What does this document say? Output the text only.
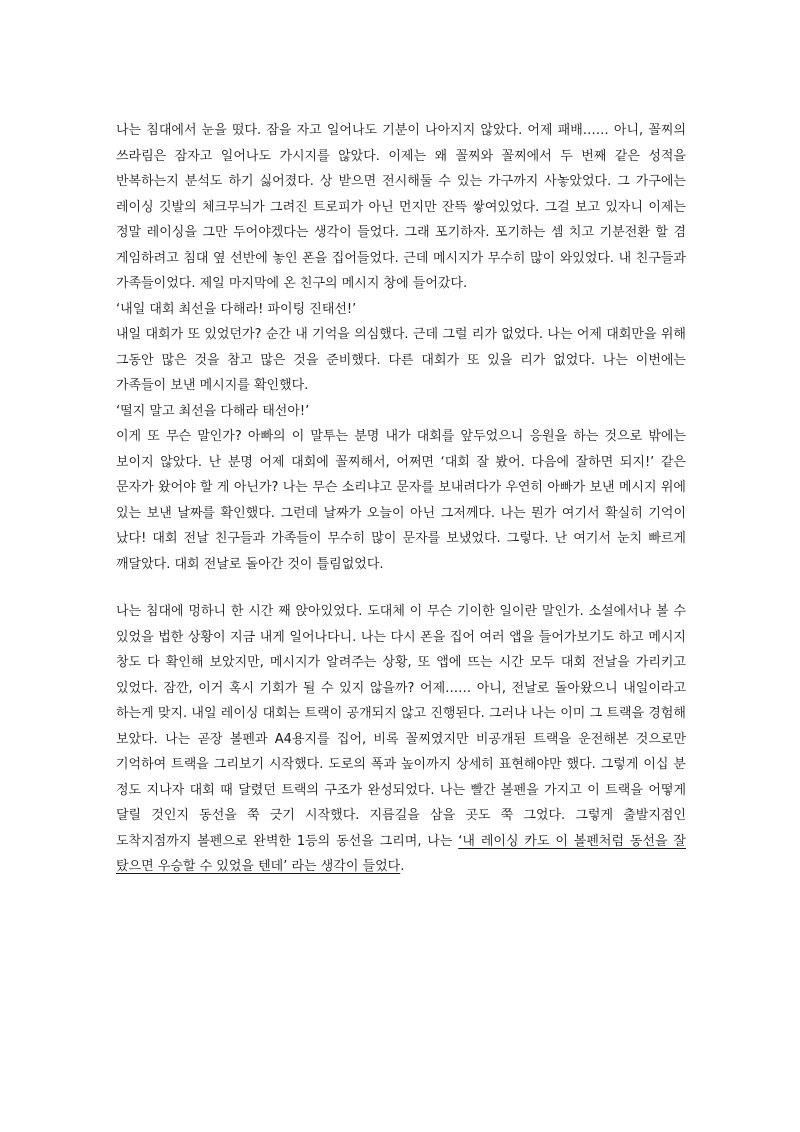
나는 침대에서 눈을 떴다. 잠을 자고 일어나도 기분이 나아지지 않았다. 어제 패배…… 아니, 꼴찌의 쓰라림은 잠자고 일어나도 가시지를 않았다. 이제는 왜 꼴찌와 꼴찌에서 두 번째 같은 성적을 반복하는지 분석도 하기 싫어졌다. 상 받으면 전시해둘 수 있는 가구까지 사놓았었다. 그 가구에는 레이싱 깃발의 체크무늬가 그려진 트로피가 아닌 먼지만 잔뜩 쌓여있었다. 그걸 보고 있자니 이제는 정말 레이싱을 그만 두어야겠다는 생각이 들었다. 그래 포기하자. 포기하는 셈 치고 기분전환 할 겸 게임하려고 침대 옆 선반에 놓인 폰을 집어들었다. 근데 메시지가 무수히 많이 와있었다. 내 친구들과 가족들이었다. 제일 마지막에 온 친구의 메시지 창에 들어갔다.

‘내일 대회 최선을 다해라! 파이팅 진태선!’

내일 대회가 또 있었던가? 순간 내 기억을 의심했다. 근데 그럴 리가 없었다. 나는 어제 대회만을 위해 그동안 많은 것을 참고 많은 것을 준비했다. 다른 대회가 또 있을 리가 없었다. 나는 이번에는 가족들이 보낸 메시지를 확인했다.

‘떨지 말고 최선을 다해라 태선아!’

이게 또 무슨 말인가? 아빠의 이 말투는 분명 내가 대회를 앞두었으니 응원을 하는 것으로 밖에는 보이지 않았다. 난 분명 어제 대회에 꼴찌해서, 어쩌면 ‘대회 잘 봤어. 다음에 잘하면 되지!’ 같은 문자가 왔어야 할 게 아닌가? 나는 무슨 소리냐고 문자를 보내려다가 우연히 아빠가 보낸 메시지 위에 있는 보낸 날짜를 확인했다. 그런데 날짜가 오늘이 아닌 그저께다. 나는 뭔가 여기서 확실히 기억이 났다! 대회 전날 친구들과 가족들이 무수히 많이 문자를 보냈었다. 그렇다. 난 여기서 눈치 빠르게 깨달았다. 대회 전날로 돌아간 것이 틀림없었다.

나는 침대에 멍하니 한 시간 째 앉아있었다. 도대체 이 무슨 기이한 일이란 말인가. 소설에서나 볼 수 있었을 법한 상황이 지금 내게 일어나다니. 나는 다시 폰을 집어 여러 앱을 들어가보기도 하고 메시지 창도 다 확인해 보았지만, 메시지가 알려주는 상황, 또 앱에 뜨는 시간 모두 대회 전날을 가리키고 있었다. 잠깐, 이거 혹시 기회가 될 수 있지 않을까? 어제…… 아니, 전날로 돌아왔으니 내일이라고 하는게 맞지. 내일 레이싱 대회는 트랙이 공개되지 않고 진행된다. 그러나 나는 이미 그 트랙을 경험해 보았다. 나는 곧장 볼펜과 A4용지를 집어, 비록 꼴찌였지만 비공개된 트랙을 운전해본 것으로만 기억하여 트랙을 그리보기 시작했다. 도로의 폭과 높이까지 상세히 표현해야만 했다. 그렇게 이십 분 정도 지나자 대회 때 달렸던 트랙의 구조가 완성되었다. 나는 빨간 볼펜을 가지고 이 트랙을 어떻게 달릴 것인지 동선을 쭉 긋기 시작했다. 지름길을 삼을 곳도 쭉 그었다. 그렇게 출발지점인 도착지점까지 볼펜으로 완벽한 1등의 동선을 그리며, 나는 ‘내 레이싱 카도 이 볼펜처럼 동선을 잘 탔으면 우승할 수 있었을 텐데’ 라는 생각이 들었다.
